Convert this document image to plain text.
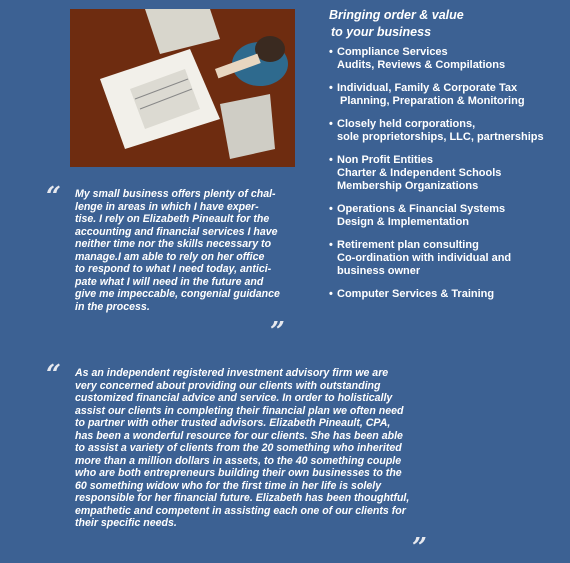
Bringing order & value
to your business
• Compliance Services
Audits, Reviews & Compilations
• Individual, Family & Corporate Tax
Planning, Preparation & Monitoring
• Closely held corporations,
sole proprietorships, LLC, partnerships
• Non Profit Entities
Charter & Independent Schools
Membership Organizations
• Operations & Financial Systems
Design & Implementation
• Retirement plan consulting
Co-ordination with individual and
business owner
• Computer Services & Training
“ My small business offers plenty of chal-
lenge in areas in which I have exper-
tise. I rely on Elizabeth Pineault for the
accounting and financial services I have
neither time nor the skills necessary to
manage.I am able to rely on her office
to respond to what I need today, antici-
pate what I will need in the future and
give me impeccable, congenial guidance
in the process.
”
“ As an independent registered investment advisory firm we are
very concerned about providing our clients with outstanding
customized financial advice and service. In order to holistically
assist our clients in completing their financial plan we often need
to partner with other trusted advisors. Elizabeth Pineault, CPA,
has been a wonderful resource for our clients. She has been able
to assist a variety of clients from the 20 something who inherited
more than a million dollars in assets, to the 40 something couple
who are both entrepreneurs building their own businesses to the
60 something widow who for the first time in her life is solely
responsible for her financial future. Elizabeth has been thoughtful,
empathetic and competent in assisting each one of our clients for
their specific needs.
”
